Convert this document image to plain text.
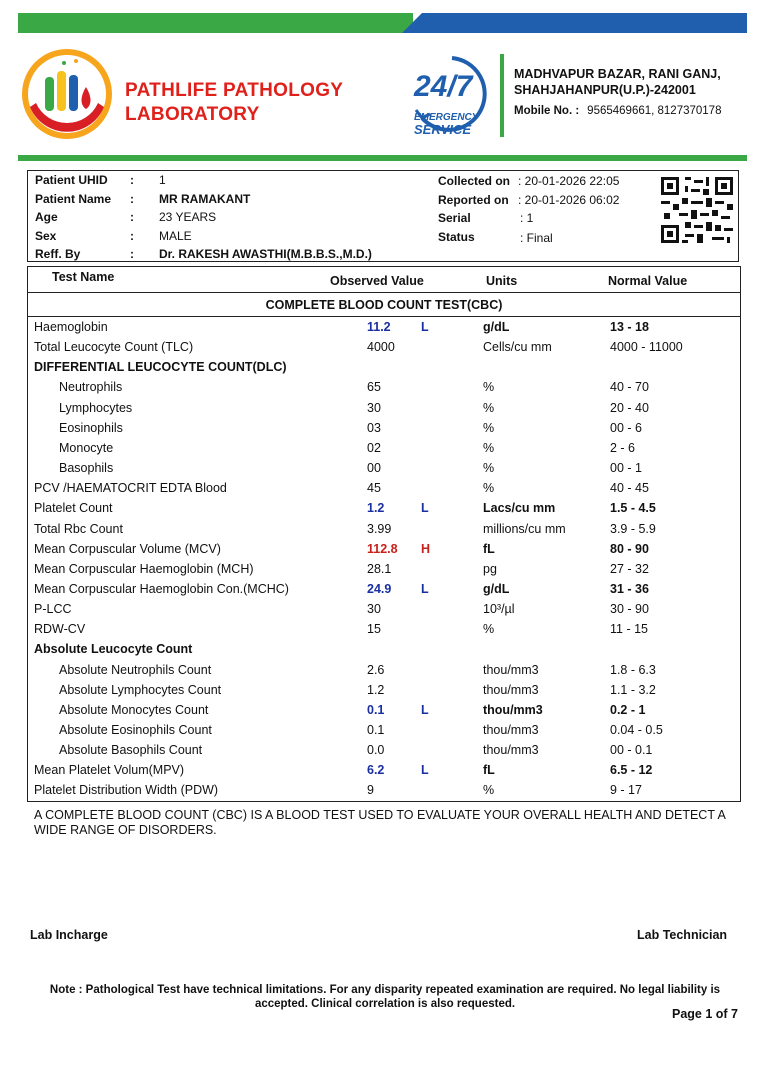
PATHLIFE PATHOLOGY
LABORATORY
24/7
EMERGENCY
SERVICE
MADHVAPUR BAZAR, RANI GANJ,
SHAHJAHANPUR(U.P.)-242001
Mobile No. : 9565469661, 8127370178
Patient UHID : 1
Patient Name : MR RAMAKANT
Age	: 23 YEARS
Sex	: MALE
Reff. By	: Dr. RAKESH AWASTHI(M.B.B.S.,M.D.)
Collected on : 20-01-2026 22:05
Reported on : 20-01-2026 06:02
Serial	: 1
Status	: Final
Test Name	Observed Value	Units	Normal Value
COMPLETE BLOOD COUNT TEST(CBC)
Haemoglobin	11.2 L	g/dL	13 - 18
Total Leucocyte Count (TLC)	4000	Cells/cu mm	4000 - 11000
DIFFERENTIAL LEUCOCYTE COUNT(DLC)
Neutrophils	65	%	40 - 70
Lymphocytes	30	%	20 - 40
Eosinophils	03	%	00 - 6
Monocyte	02	%	2 - 6
Basophils	00	%	00 - 1
PCV /HAEMATOCRIT EDTA Blood	45	%	40 - 45
Platelet Count	1.2	L	Lacs/cu mm	1.5 - 4.5
Total Rbc Count	3.99	millions/cu mm	3.9 - 5.9
Mean Corpuscular Volume (MCV)	112.8 H	fL	80 - 90
Mean Corpuscular Haemoglobin (MCH)	28.1	pg	27 - 32
Mean Corpuscular Haemoglobin Con.(MCHC)	24.9 L	g/dL	31 - 36
P-LCC	30	10³/µl	30 - 90
RDW-CV	15	%	11 - 15
Absolute Leucocyte Count
Absolute Neutrophils Count	2.6	thou/mm3	1.8 - 6.3
Absolute Lymphocytes Count	1.2	thou/mm3	1.1 - 3.2
Absolute Monocytes Count	0.1	L	thou/mm3	0.2 - 1
Absolute Eosinophils Count	0.1	thou/mm3	0.04 - 0.5
Absolute Basophils Count	0.0	thou/mm3	00 - 0.1
Mean Platelet Volum(MPV)	6.2	L	fL	6.5 - 12
Platelet Distribution Width (PDW)	9	%	9 - 17
A COMPLETE BLOOD COUNT (CBC) IS A BLOOD TEST USED TO EVALUATE YOUR OVERALL HEALTH AND DETECT A WIDE RANGE OF DISORDERS.
Lab Incharge	Lab Technician
Note : Pathological Test have technical limitations. For any disparity repeated examination are required. No legal liability is accepted. Clinical correlation is also requested.
Page 1 of 7
